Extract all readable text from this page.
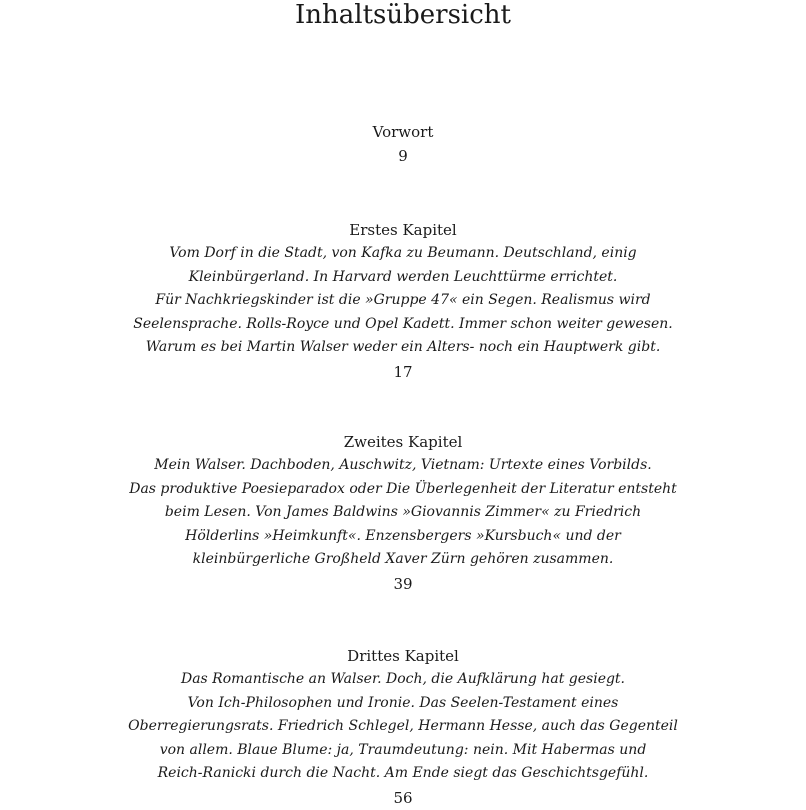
Inhaltsübersicht
Vorwort
9
Erstes Kapitel
Vom Dorf in die Stadt, von Kafka zu Beumann. Deutschland, einig
Kleinbürgerland. In Harvard werden Leuchttürme errichtet.
Für Nachkriegskinder ist die »Gruppe 47« ein Segen. Realismus wird
Seelensprache. Rolls-Royce und Opel Kadett. Immer schon weiter gewesen.
Warum es bei Martin Walser weder ein Alters- noch ein Hauptwerk gibt.
17
Zweites Kapitel
Mein Walser. Dachboden, Auschwitz, Vietnam: Urtexte eines Vorbilds.
Das produktive Poesieparadox oder Die Überlegenheit der Literatur entsteht
beim Lesen. Von James Baldwins »Giovannis Zimmer« zu Friedrich
Hölderlins »Heimkunft«. Enzensbergers »Kursbuch« und der
kleinbürgerliche Großheld Xaver Zürn gehören zusammen.
39
Drittes Kapitel
Das Romantische an Walser. Doch, die Aufklärung hat gesiegt.
Von Ich-Philosophen und Ironie. Das Seelen-Testament eines
Oberregierungsrats. Friedrich Schlegel, Hermann Hesse, auch das Gegenteil
von allem. Blaue Blume: ja, Traumdeutung: nein. Mit Habermas und
Reich-Ranicki durch die Nacht. Am Ende siegt das Geschichtsgefühl.
56
